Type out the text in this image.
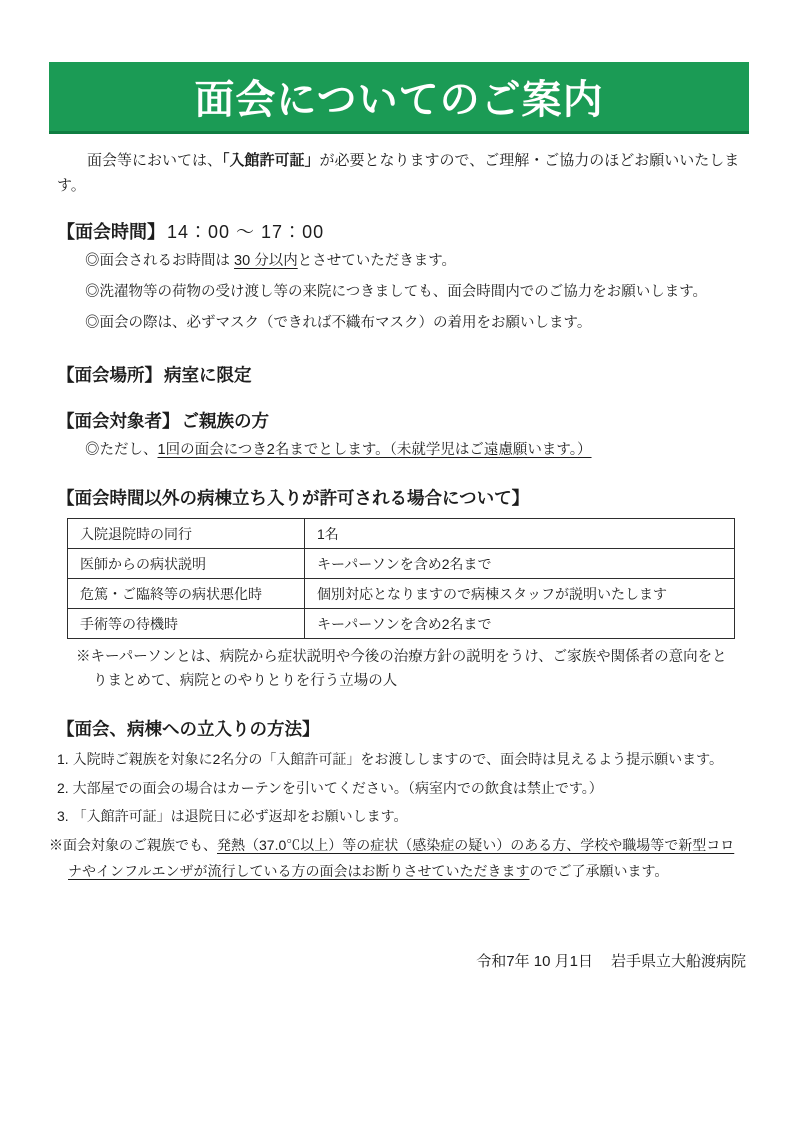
面会についてのご案内

面会等においては、「入館許可証」が必要となりますので、ご理解・ご協力のほどお願いいたします。

【面会時間】 14：00 ～ 17：00

◎面会されるお時間は 30 分以内とさせていただきます。

◎洗濯物等の荷物の受け渡し等の来院につきましても、面会時間内でのご協力をお願いします。

◎面会の際は、必ずマスク（できれば不織布マスク）の着用をお願いします。

【面会場所】 病室に限定
【面会対象者】 ご親族の方

◎ただし、1回の面会につき2名までとします。（未就学児はご遠慮願います。）

【面会時間以外の病棟立ち入りが許可される場合について】
入院退院時の同行	1名
医師からの病状説明	キーパーソンを含め2名まで
危篤・ご臨終等の病状悪化時	個別対応となりますので病棟スタッフが説明いたします
手術等の待機時	キーパーソンを含め2名まで

※キーパーソンとは、病院から症状説明や今後の治療方針の説明をうけ、ご家族や関係者の意向をとりまとめて、病院とのやりとりを行う立場の人

【面会、病棟への立入りの方法】

1. 入院時ご親族を対象に2名分の「入館許可証」をお渡ししますので、面会時は見えるよう提示願います。

2. 大部屋での面会の場合はカーテンを引いてください。（病室内での飲食は禁止です。）

3. 「入館許可証」は退院日に必ず返却をお願いします。

※面会対象のご親族でも、発熱（37.0℃以上）等の症状（感染症の疑い）のある方、学校や職場等で新型コロナやインフルエンザが流行している方の面会はお断りさせていただきますのでご了承願います。

令和7年 10 月1日 岩手県立大船渡病院
